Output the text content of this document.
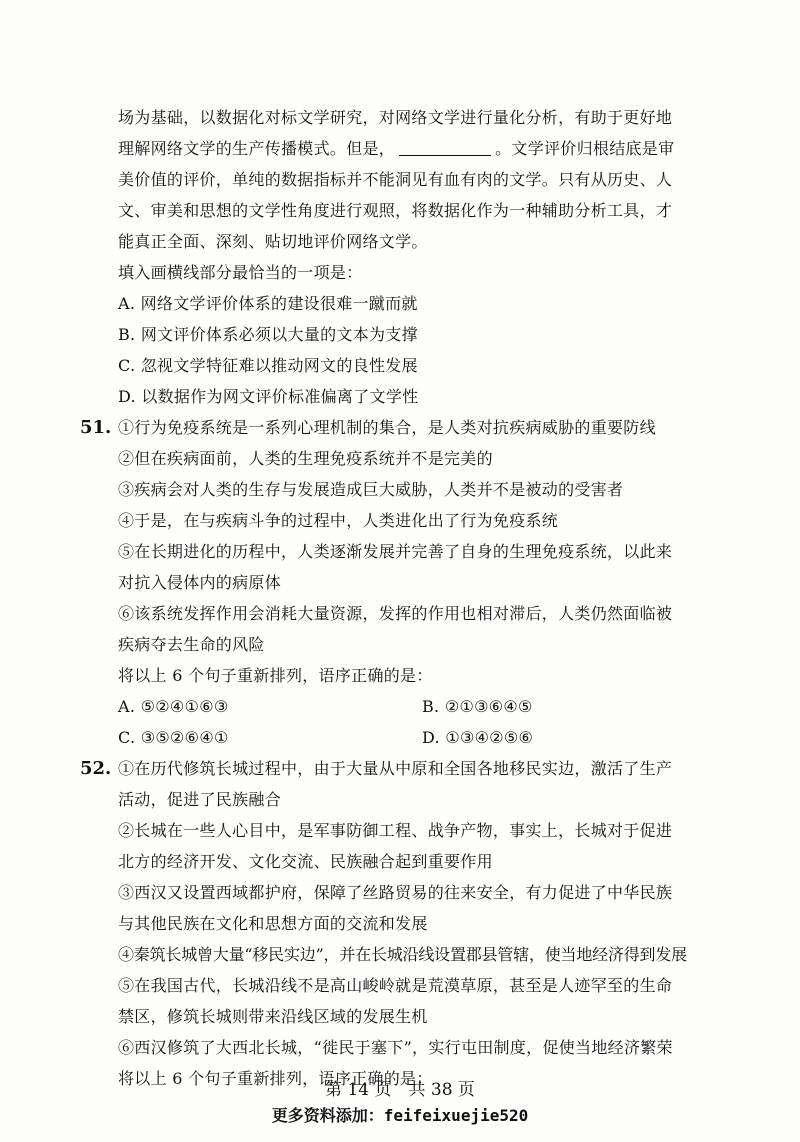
场为基础，以数据化对标文学研究，对网络文学进行量化分析，有助于更好地
理解网络文学的生产传播模式。但是，	。文学评价归根结底是审
美价值的评价，单纯的数据指标并不能洞见有血有肉的文学。只有从历史、人
文、审美和思想的文学性角度进行观照，将数据化作为一种辅助分析工具，才
能真正全面、深刻、贴切地评价网络文学。
填入画横线部分最恰当的一项是：
A. 网络文学评价体系的建设很难一蹴而就
B. 网文评价体系必须以大量的文本为支撑
C. 忽视文学特征难以推动网文的良性发展
D. 以数据作为网文评价标准偏离了文学性
51. ①行为免疫系统是一系列心理机制的集合，是人类对抗疾病威胁的重要防线
②但在疾病面前，人类的生理免疫系统并不是完美的
③疾病会对人类的生存与发展造成巨大威胁，人类并不是被动的受害者
④于是，在与疾病斗争的过程中，人类进化出了行为免疫系统
⑤在长期进化的历程中，人类逐渐发展并完善了自身的生理免疫系统，以此来
对抗入侵体内的病原体
⑥该系统发挥作用会消耗大量资源，发挥的作用也相对滞后，人类仍然面临被
疾病夺去生命的风险
将以上 6 个句子重新排列，语序正确的是：
A. ⑤②④①⑥③	B. ②①③⑥④⑤
C. ③⑤②⑥④①	D. ①③④②⑤⑥
52. ①在历代修筑长城过程中，由于大量从中原和全国各地移民实边，激活了生产
活动，促进了民族融合
②长城在一些人心目中，是军事防御工程、战争产物，事实上，长城对于促进
北方的经济开发、文化交流、民族融合起到重要作用
③西汉又设置西域都护府，保障了丝路贸易的往来安全，有力促进了中华民族
与其他民族在文化和思想方面的交流和发展
④秦筑长城曾大量“移民实边”，并在长城沿线设置郡县管辖，使当地经济得到发展
⑤在我国古代，长城沿线不是高山峻岭就是荒漠草原，甚至是人迹罕至的生命
禁区，修筑长城则带来沿线区域的发展生机
⑥西汉修筑了大西北长城，“徙民于塞下”，实行屯田制度，促使当地经济繁荣
将以上 6 个句子重新排列，语序正确的是：
第 14 页　共 38 页
更多资料添加：feifeixuejie520
